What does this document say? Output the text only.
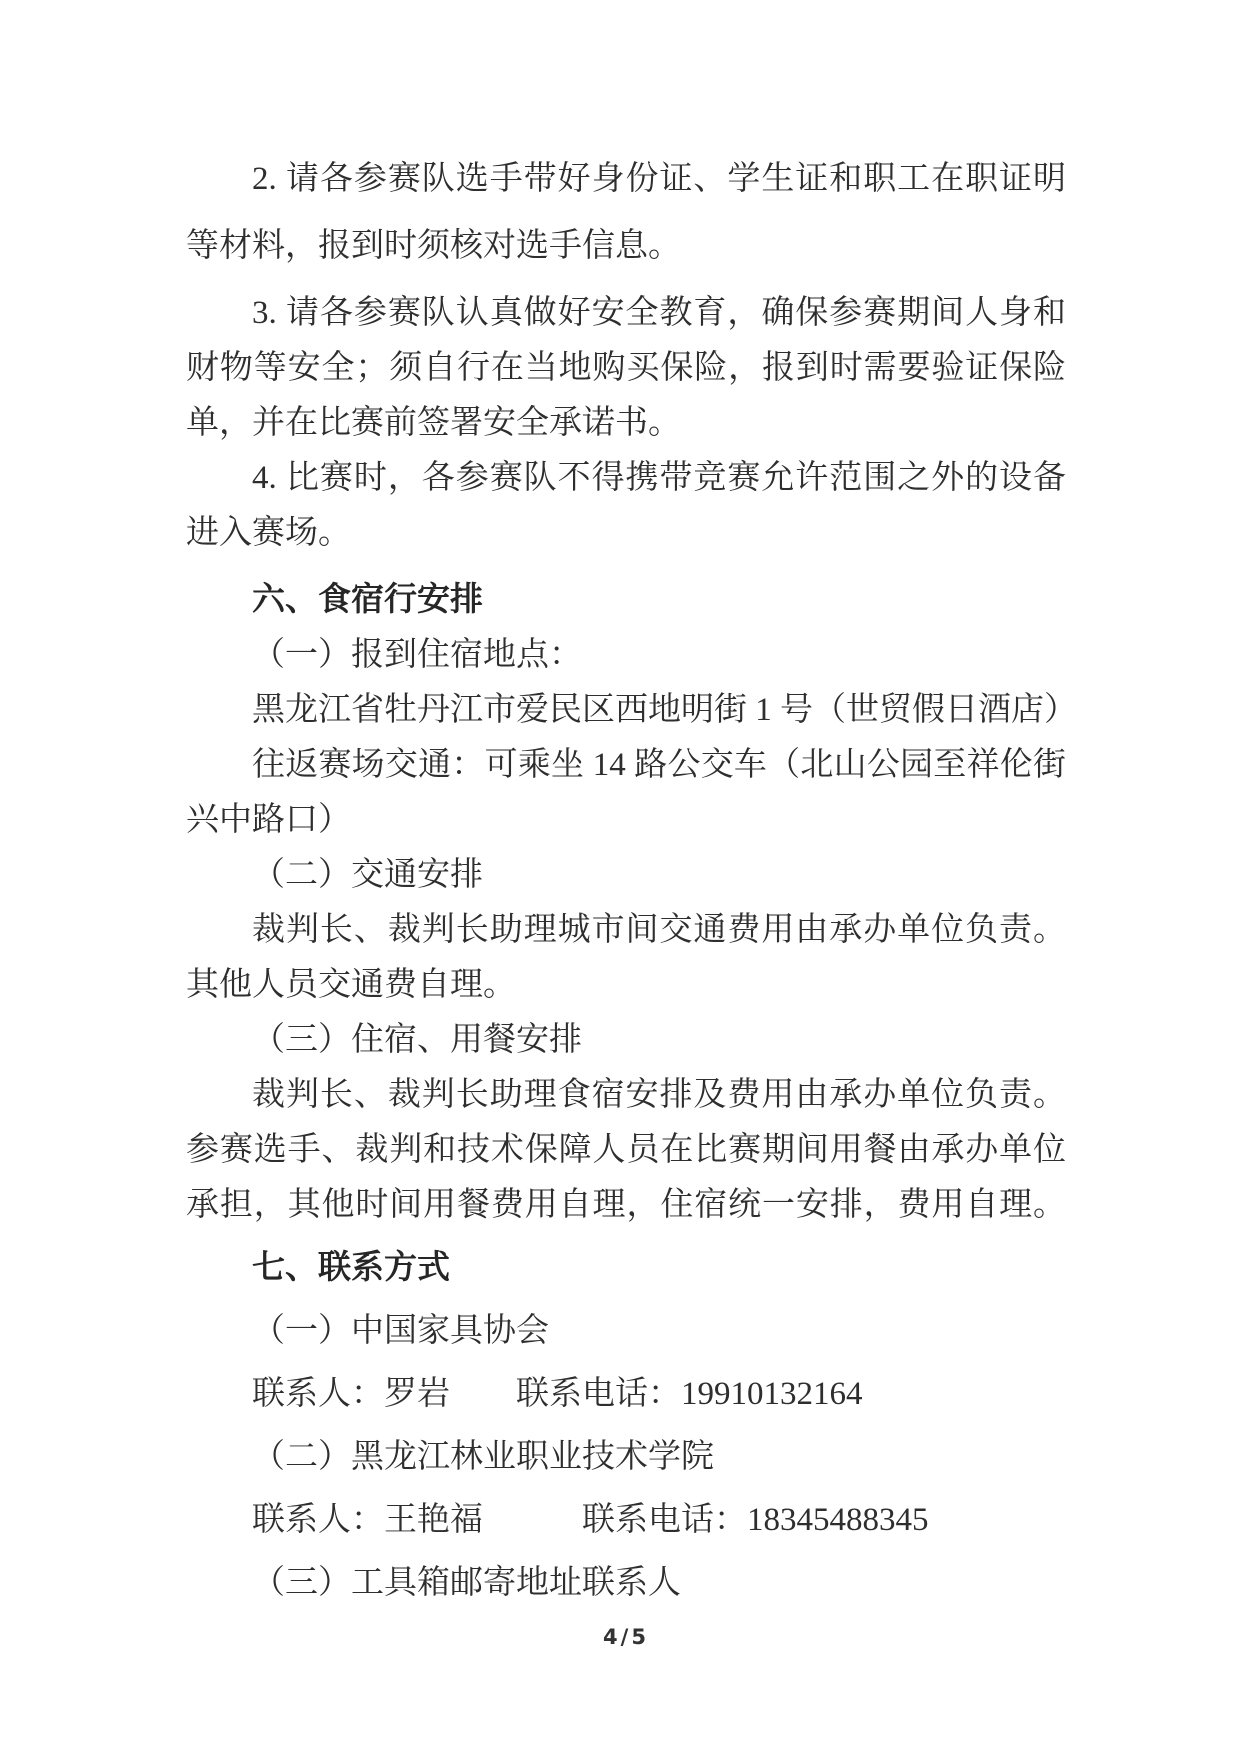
2. 请各参赛队选手带好身份证、学生证和职工在职证明
等材料，报到时须核对选手信息。
3. 请各参赛队认真做好安全教育，确保参赛期间人身和
财物等安全；须自行在当地购买保险，报到时需要验证保险
单，并在比赛前签署安全承诺书。
4. 比赛时，各参赛队不得携带竞赛允许范围之外的设备
进入赛场。
六、食宿行安排
（一）报到住宿地点：
黑龙江省牡丹江市爱民区西地明街 1 号（世贸假日酒店）
往返赛场交通：可乘坐 14 路公交车（北山公园至祥伦街
兴中路口）
（二）交通安排
裁判长、裁判长助理城市间交通费用由承办单位负责。
其他人员交通费自理。
（三）住宿、用餐安排
裁判长、裁判长助理食宿安排及费用由承办单位负责。
参赛选手、裁判和技术保障人员在比赛期间用餐由承办单位
承担，其他时间用餐费用自理，住宿统一安排，费用自理。
七、联系方式
（一）中国家具协会
联系人：罗岩　　联系电话：19910132164
（二）黑龙江林业职业技术学院
联系人：王艳福　　　联系电话：18345488345
（三）工具箱邮寄地址联系人
4/5
